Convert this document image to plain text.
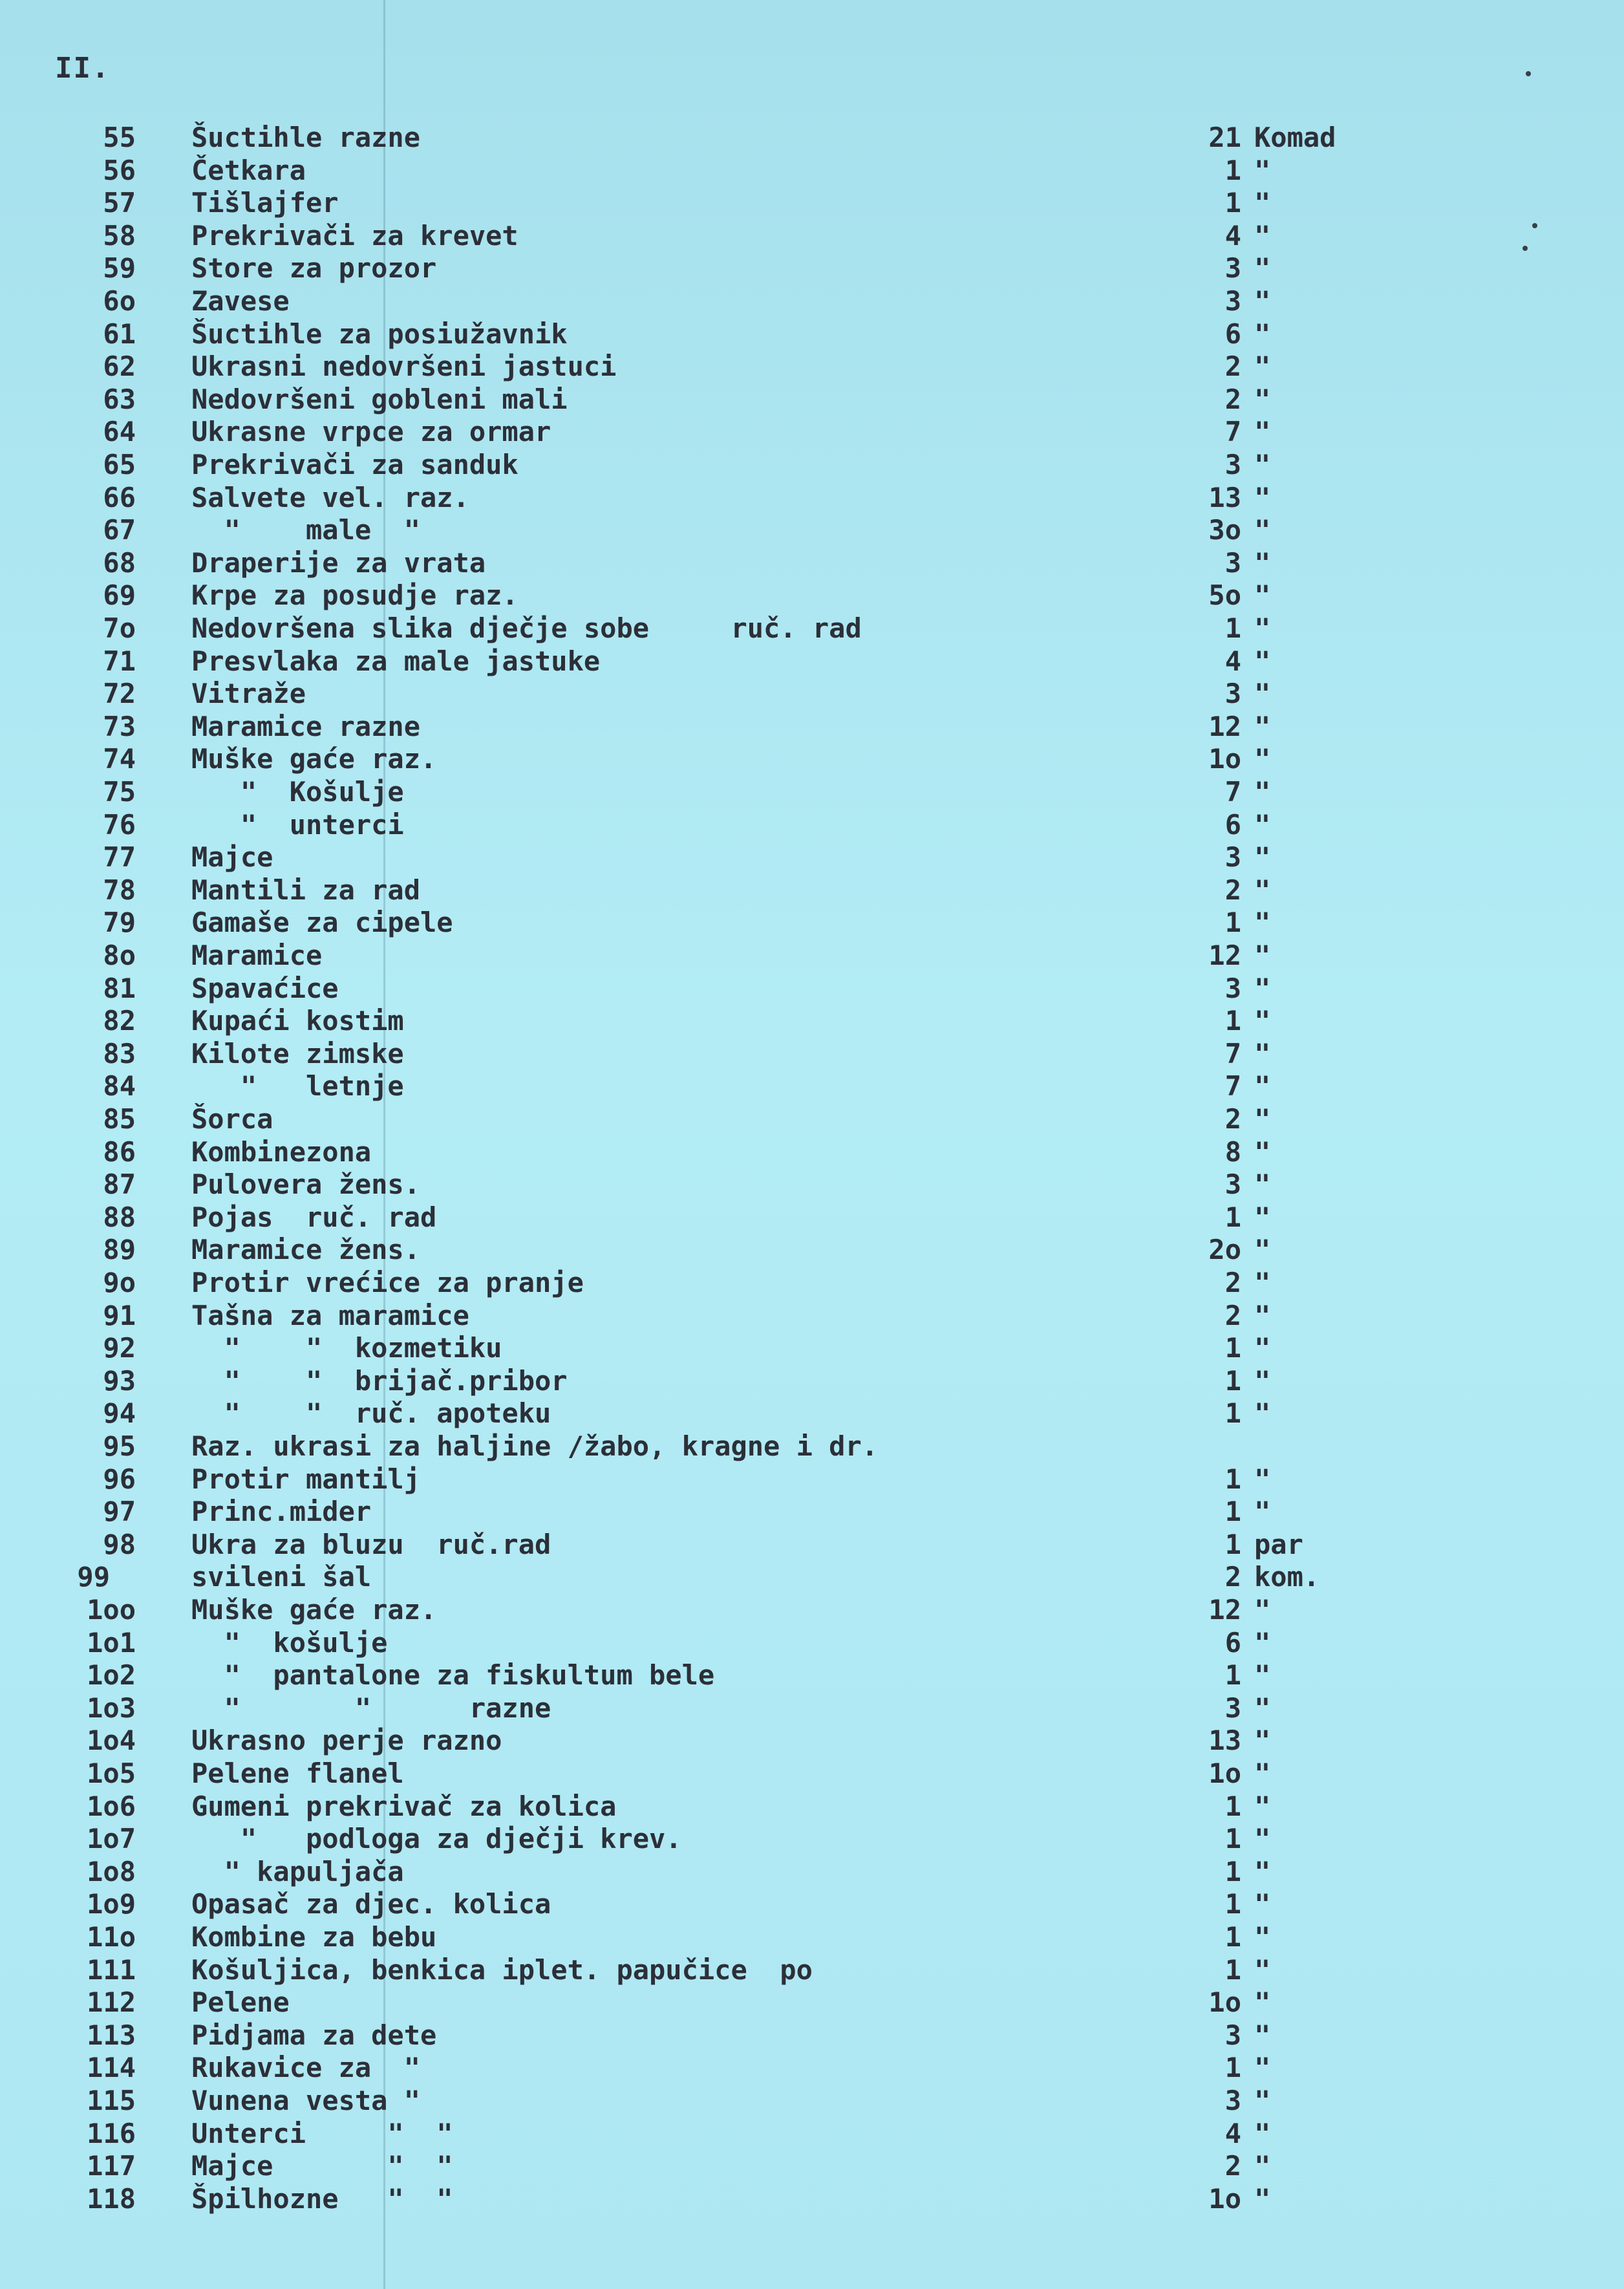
II.
55 Šuctihle razne	21 Komad
56 Četkara	1 "
57 Tišlajfer	1 "
58 Prekrivači za krevet	4 "
59 Store za prozor	3 "
6o Zavese	3 "
61 Šuctihle za posiužavnik	6 "
62 Ukrasni nedovršeni jastuci	2 "
63 Nedovršeni gobleni mali	2 "
64 Ukrasne vrpce za ormar	7 "
65 Prekrivači za sanduk	3 "
66 Salvete vel. raz.	13 "
67 "    male  "	3o "
68 Draperije za vrata	3 "
69 Krpe za posudje raz.	5o "
7o Nedovršena slika dječje sobe     ruč. rad	1 "
71 Presvlaka za male jastuke	4 "
72 Vitraže	3 "
73 Maramice razne	12 "
74 Muške gaće raz.	1o "
75 "  Košulje	7 "
76 "  unterci	6 "
77 Majce	3 "
78 Mantili za rad	2 "
79 Gamaše za cipele	1 "
8o Maramice	12 "
81 Spavaćice	3 "
82 Kupaći kostim	1 "
83 Kilote zimske	7 "
84 "   letnje	7 "
85 Šorca	2 "
86 Kombinezona	8 "
87 Pulovera žens.	3 "
88 Pojas  ruč. rad	1 "
89 Maramice žens.	2o "
9o Protir vrećice za pranje	2 "
91 Tašna za maramice	2 "
92 "    "  kozmetiku	1 "
93 "    "  brijač.pribor	1 "
94 "    "  ruč. apoteku	1 "
95 Raz. ukrasi za haljine /žabo, kragne i dr.
96 Protir mantilj	1 "
97 Princ.mider	1 "
98 Ukra za bluzu  ruč.rad	1 par
99	svileni šal	2 kom.
1oo Muške gaće raz.	12 "
1o1 "  košulje	6 "
1o2 "  pantalone za fiskultum bele	1 "
1o3 "       "      razne	3 "
1o4 Ukrasno perje razno	13 "
1o5 Pelene flanel	1o "
1o6 Gumeni prekrivač za kolica	1 "
1o7 "   podloga za dječji krev.	1 "
1o8 " kapuljača	1 "
1o9 Opasač za djec. kolica	1 "
11o Kombine za bebu	1 "
111 Košuljica, benkica iplet. papučice  po	1 "
112 Pelene	1o "
113 Pidjama za dete	3 "
114 Rukavice za  "	1 "
115 Vunena vesta "	3 "
116 Unterci     "  "	4 "
117 Majce       "  "	2 "
118 Špilhozne   "  "	1o "
